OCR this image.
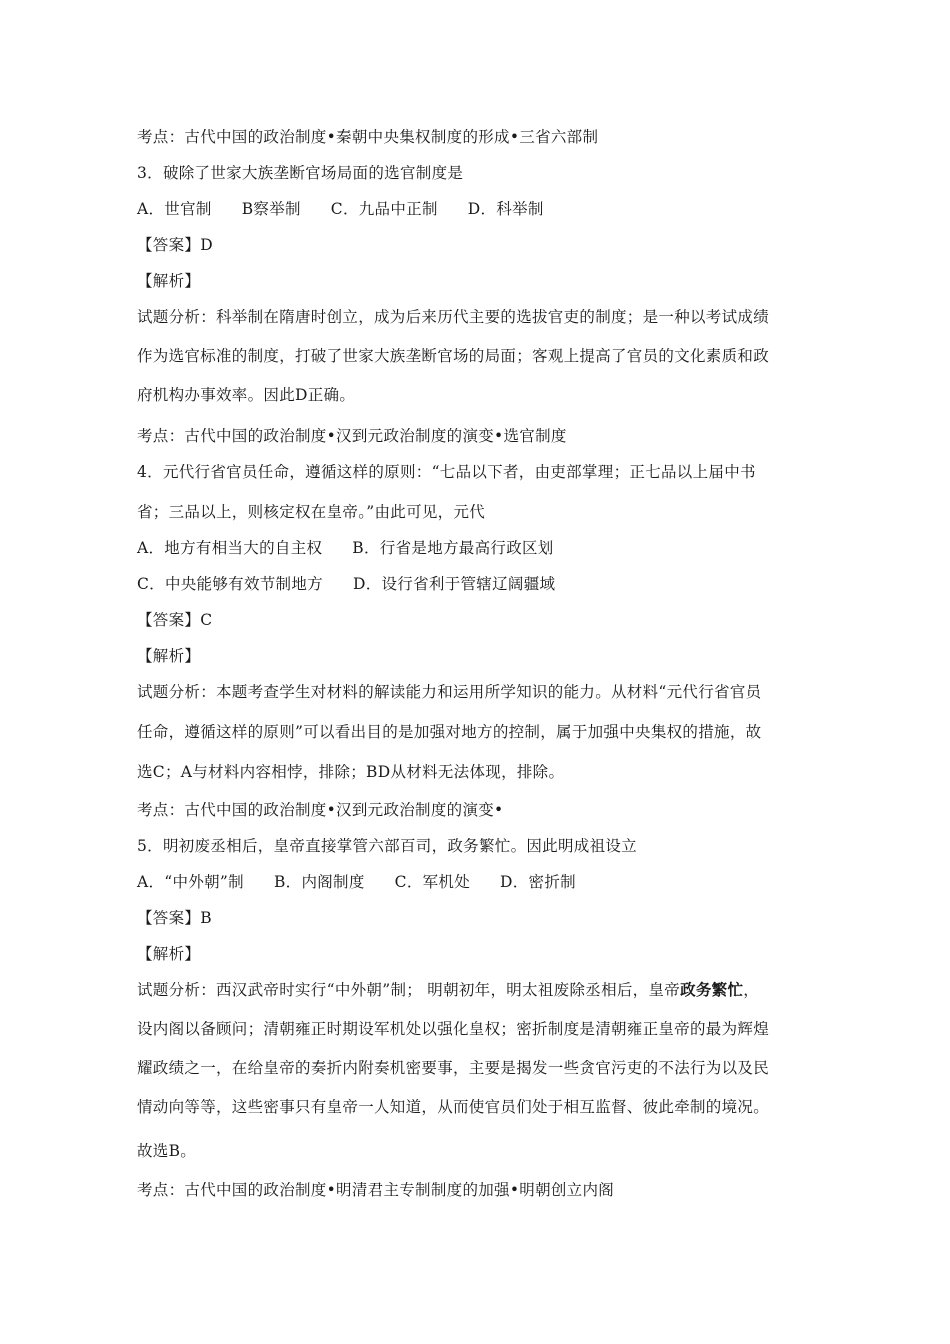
考点：古代中国的政治制度•秦朝中央集权制度的形成•三省六部制
3．破除了世家大族垄断官场局面的选官制度是
A．世官制 B察举制 C．九品中正制 D．科举制
【答案】D
【解析】
试题分析：科举制在隋唐时创立，成为后来历代主要的选拔官吏的制度；是一种以考试成绩
作为选官标准的制度，打破了世家大族垄断官场的局面；客观上提高了官员的文化素质和政
府机构办事效率。因此D正确。
考点：古代中国的政治制度•汉到元政治制度的演变•选官制度
4．元代行省官员任命，遵循这样的原则：“七品以下者，由吏部掌理；正七品以上届中书
省；三品以上，则核定权在皇帝。”由此可见，元代
A．地方有相当大的自主权 B．行省是地方最高行政区划
C．中央能够有效节制地方 D．设行省利于管辖辽阔疆域
【答案】C
【解析】
试题分析：本题考查学生对材料的解读能力和运用所学知识的能力。从材料“元代行省官员
任命，遵循这样的原则”可以看出目的是加强对地方的控制，属于加强中央集权的措施，故
选C；A与材料内容相悖，排除；BD从材料无法体现，排除。
考点：古代中国的政治制度•汉到元政治制度的演变•
5．明初废丞相后，皇帝直接掌管六部百司，政务繁忙。因此明成祖设立
A．“中外朝”制 B．内阁制度 C．军机处 D．密折制
【答案】B
【解析】
试题分析：西汉武帝时实行“中外朝”制； 明朝初年，明太祖废除丞相后，皇帝政务繁忙，
设内阁以备顾问；清朝雍正时期设军机处以强化皇权；密折制度是清朝雍正皇帝的最为辉煌
耀政绩之一，在给皇帝的奏折内附奏机密要事，主要是揭发一些贪官污吏的不法行为以及民
情动向等等，这些密事只有皇帝一人知道，从而使官员们处于相互监督、彼此牵制的境况。
故选B。
考点：古代中国的政治制度•明清君主专制制度的加强•明朝创立内阁
